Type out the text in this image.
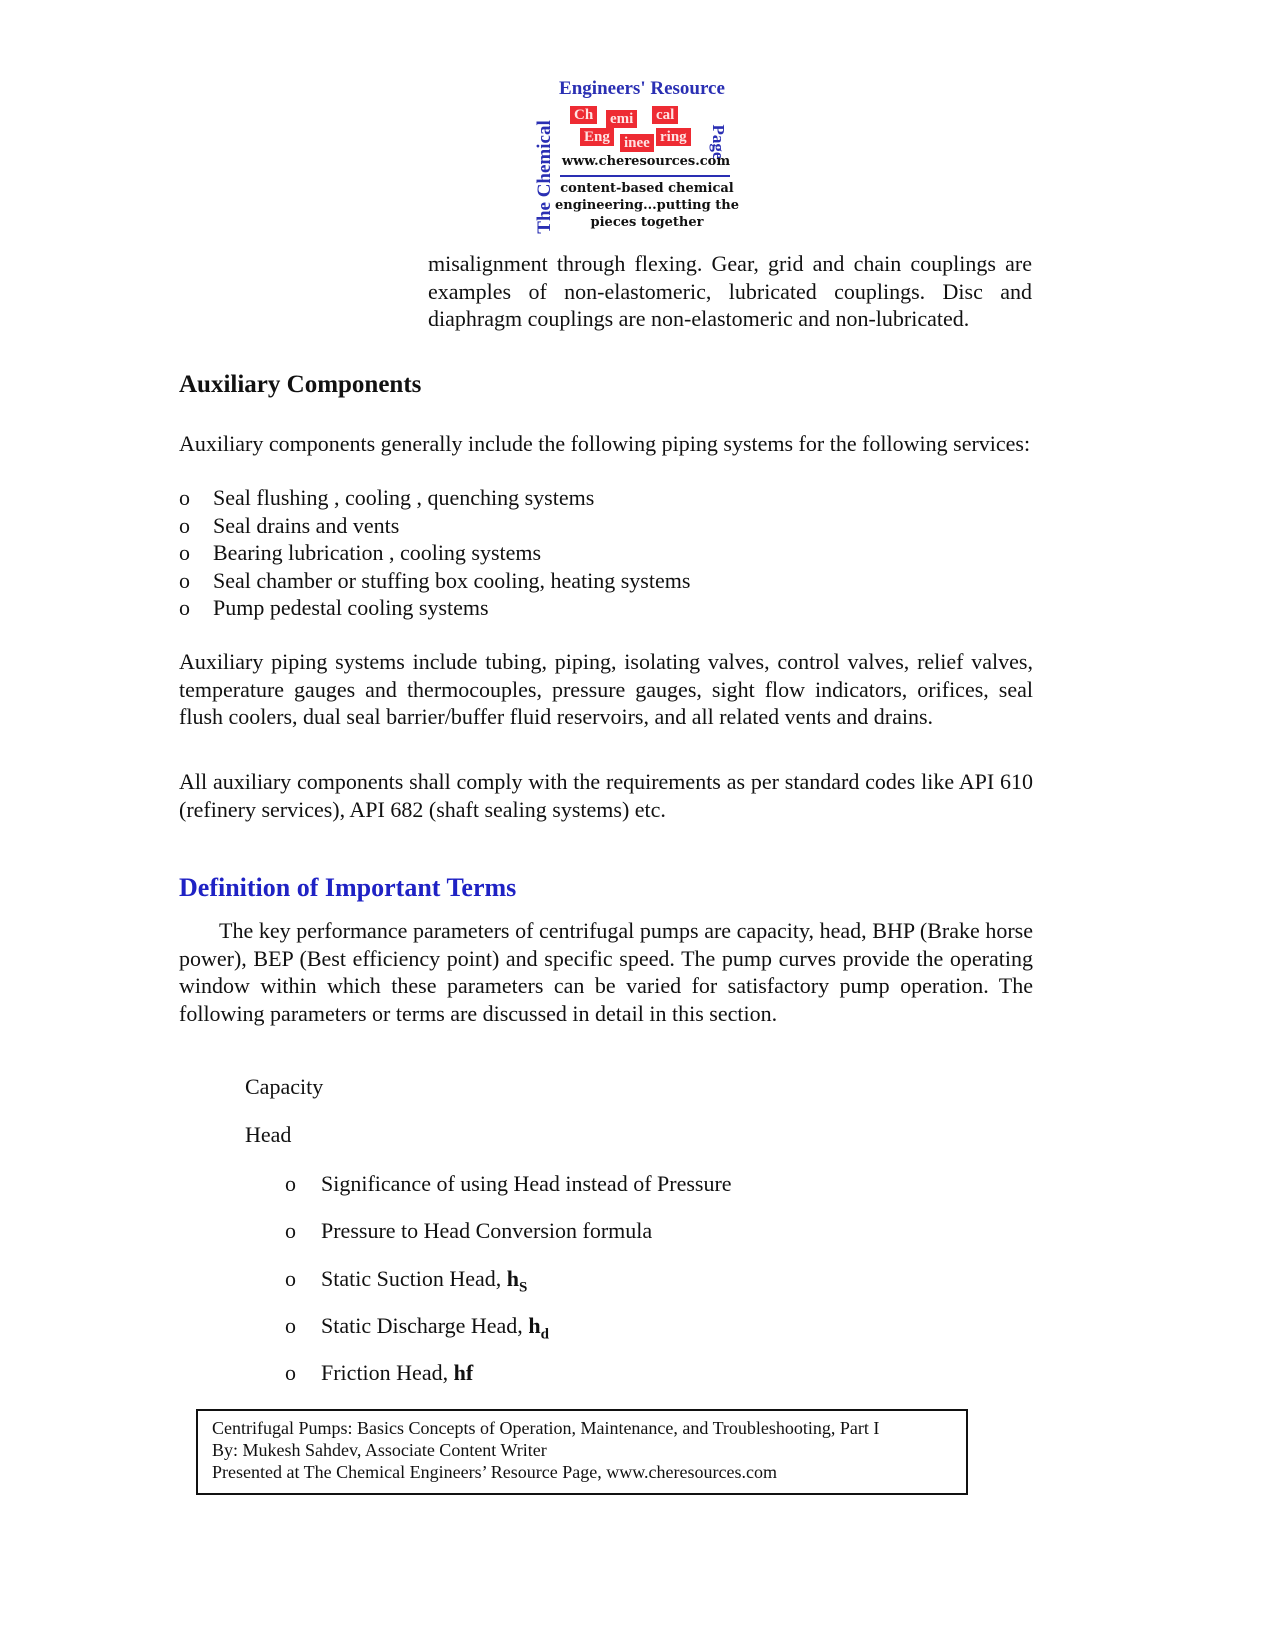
Engineers' Resource
The Chemical	Page
Ch emi cal
Eng inee ring
www.cheresources.com
content-based chemical engineering...putting the pieces together
misalignment through flexing. Gear, grid and chain couplings are examples of non-elastomeric, lubricated couplings. Disc and diaphragm couplings are non-elastomeric and non-lubricated.
Auxiliary Components
Auxiliary components generally include the following piping systems for the following services:
o Seal flushing , cooling , quenching systems
o Seal drains and vents
o Bearing lubrication , cooling systems
o Seal chamber or stuffing box cooling, heating systems
o Pump pedestal cooling systems
Auxiliary piping systems include tubing, piping, isolating valves, control valves, relief valves, temperature gauges and thermocouples, pressure gauges, sight flow indicators, orifices, seal flush coolers, dual seal barrier/buffer fluid reservoirs, and all related vents and drains.
All auxiliary components shall comply with the requirements as per standard codes like API 610 (refinery services), API 682 (shaft sealing systems) etc.
Definition of Important Terms
The key performance parameters of centrifugal pumps are capacity, head, BHP (Brake horse power), BEP (Best efficiency point) and specific speed. The pump curves provide the operating window within which these parameters can be varied for satisfactory pump operation. The following parameters or terms are discussed in detail in this section.
Capacity
Head
o Significance of using Head instead of Pressure
o Pressure to Head Conversion formula
o Static Suction Head, $h_S$
o Static Discharge Head, $h_d$
o Friction Head, hf
Centrifugal Pumps: Basics Concepts of Operation, Maintenance, and Troubleshooting, Part I
By: Mukesh Sahdev, Associate Content Writer
Presented at The Chemical Engineers’ Resource Page, www.cheresources.com
